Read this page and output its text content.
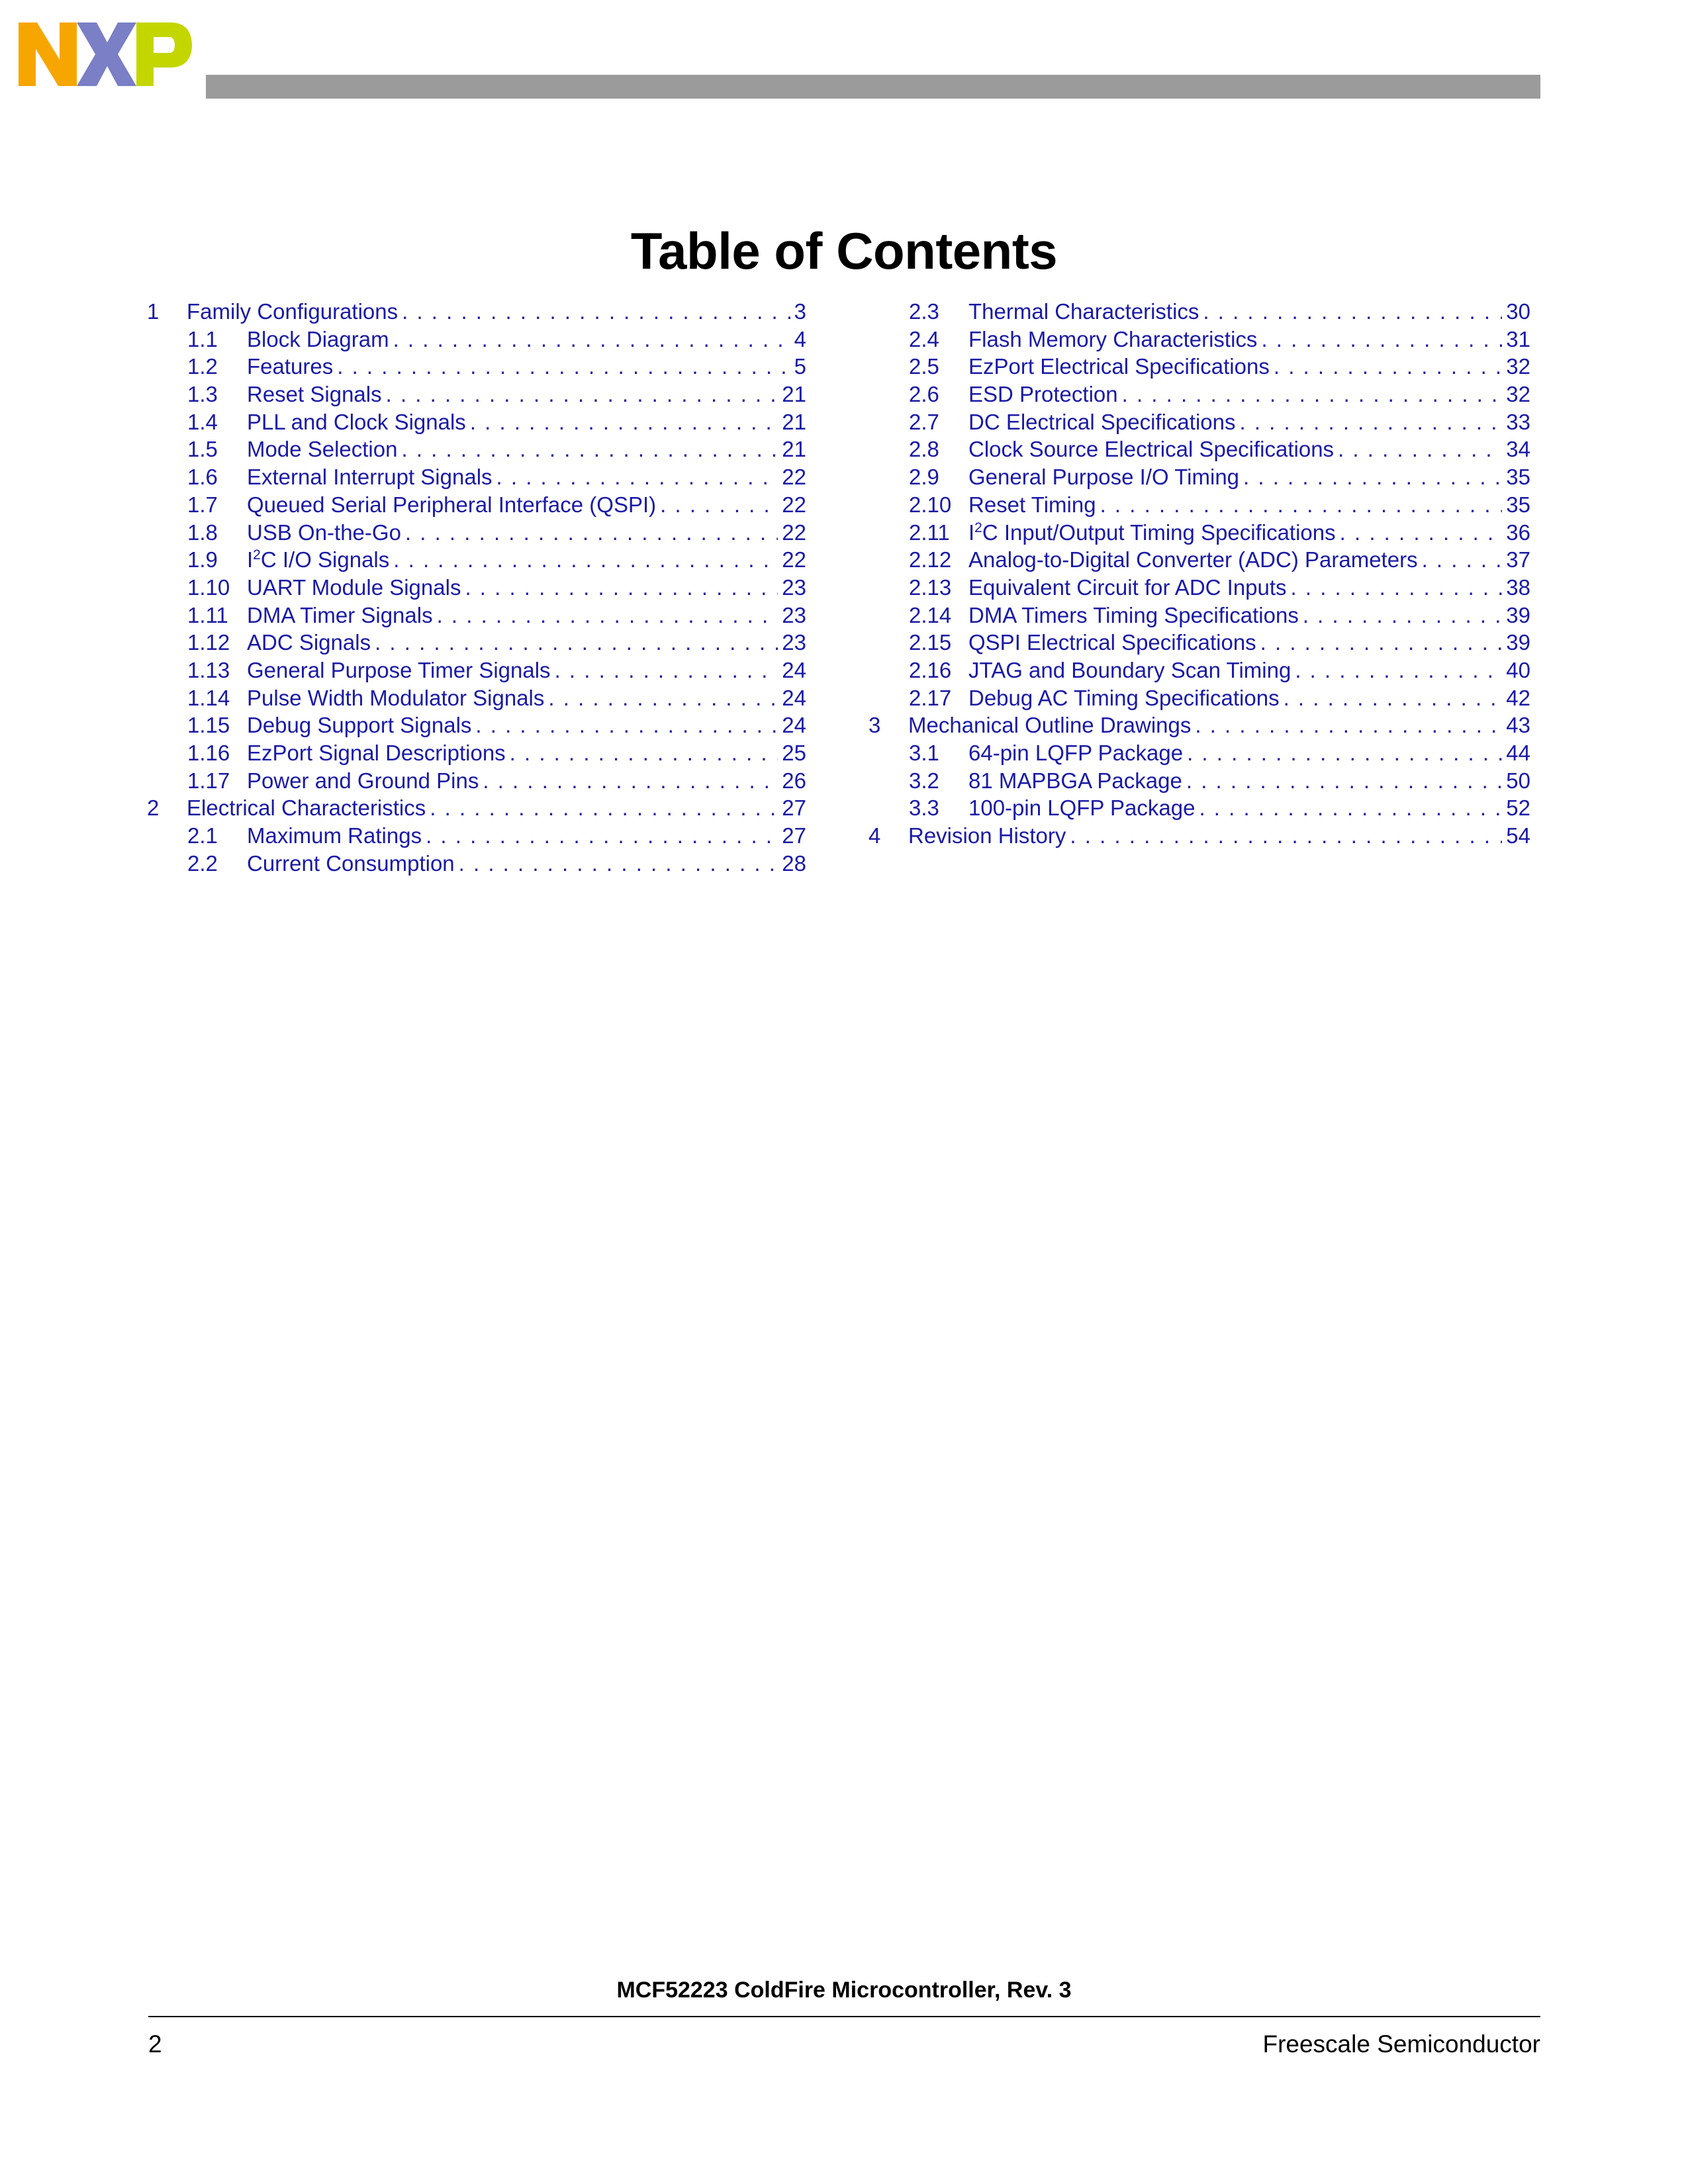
Table of Contents
1	Family Configurations . . .	3
1.1	Block Diagram . . .	4
1.2	Features . . .	5
1.3	Reset Signals . . .	21
1.4	PLL and Clock Signals . . .	21
1.5	Mode Selection . . .	21
1.6	External Interrupt Signals . . .	22
1.7	Queued Serial Peripheral Interface (QSPI) . . .	22
1.8	USB On-the-Go . . .	22
1.9	$I^2C$ I/O Signals . . .	22
1.10 UART Module Signals . . .	23
1.11 DMA Timer Signals . . .	23
1.12 ADC Signals . . .	23
1.13 General Purpose Timer Signals . . .	24
1.14 Pulse Width Modulator Signals . . .	24
1.15 Debug Support Signals . . .	24
1.16 EzPort Signal Descriptions . . .	25
1.17 Power and Ground Pins . . .	26
2	Electrical Characteristics . . .	27
2.1	Maximum Ratings . . .	27
2.2	Current Consumption . . .	28
2.3	Thermal Characteristics . . .	30
2.4	Flash Memory Characteristics . . .	31
2.5	EzPort Electrical Specifications . . .	32
2.6	ESD Protection . . .	32
2.7	DC Electrical Specifications . . .	33
2.8	Clock Source Electrical Specifications . . .	34
2.9	General Purpose I/O Timing . . .	35
2.10 Reset Timing . . .	35
2.11 $I^2C$ Input/Output Timing Specifications . . .	36
2.12 Analog-to-Digital Converter (ADC) Parameters . . .	37
2.13 Equivalent Circuit for ADC Inputs . . .	38
2.14 DMA Timers Timing Specifications . . .	39
2.15 QSPI Electrical Specifications . . .	39
2.16 JTAG and Boundary Scan Timing . . .	40
2.17 Debug AC Timing Specifications . . .	42
3	Mechanical Outline Drawings . . .	43
3.1	64-pin LQFP Package . . .	44
3.2	81 MAPBGA Package . . .	50
3.3	100-pin LQFP Package . . .	52
4	Revision History . . .	54
MCF52223 ColdFire Microcontroller, Rev. 3
2	Freescale Semiconductor
